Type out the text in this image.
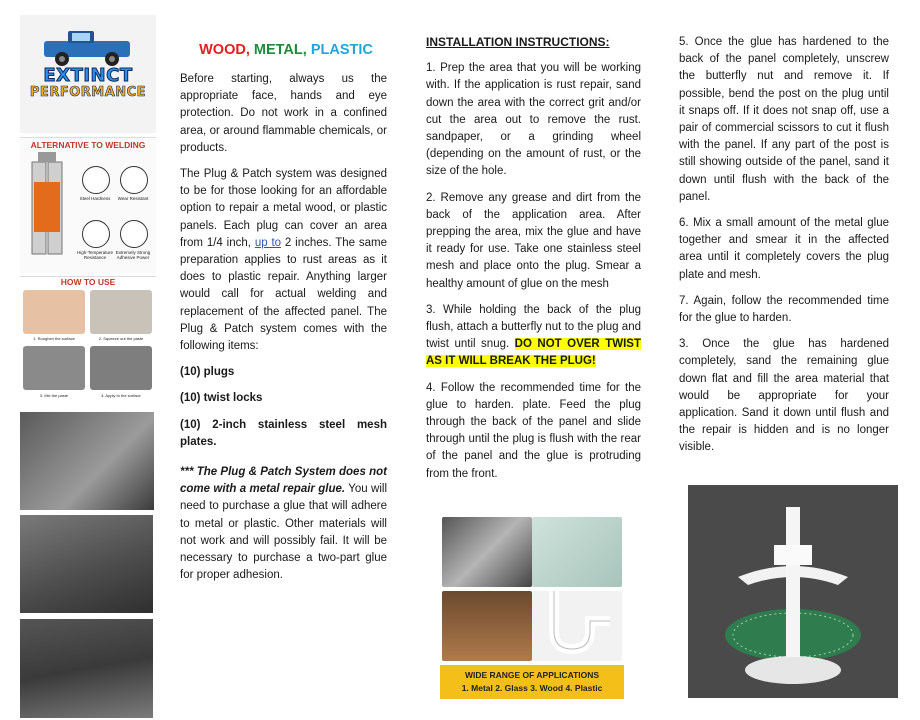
EXTINCT
PERFORMANCE
ALTERNATIVE TO WELDING
Steel Hardness	Wear Resistant
High-Temperature Resistance
Extremely Strong Adhesive Power
HOW TO USE
1. Roughen the surface	2. Squeeze out the paste
3. Mix the paste	4. Apply to the surface
WOOD, METAL, PLASTIC

Before starting, always us the appropriate face, hands and eye protection. Do not work in a confined area, or around flammable chemicals, or products.

The Plug & Patch system was designed to be for those looking for an affordable option to repair a metal wood, or plastic panels. Each plug can cover an area from 1/4 inch, up to 2 inches. The same preparation applies to rust areas as it does to plastic repair. Anything larger would call for actual welding and replacement of the affected panel. The Plug & Patch system comes with the following items:

(10) plugs

(10) twist locks

(10) 2-inch stainless steel mesh plates.

*** The Plug & Patch System does not come with a metal repair glue. You will need to purchase a glue that will adhere to metal or plastic. Other materials will not work and will possibly fail. It will be necessary to purchase a two-part glue for proper adhesion.

INSTALLATION INSTRUCTIONS:

1. Prep the area that you will be working with. If the application is rust repair, sand down the area with the correct grit and/or cut the area out to remove the rust. sandpaper, or a grinding wheel (depending on the amount of rust, or the size of the hole.

2. Remove any grease and dirt from the back of the application area. After prepping the area, mix the glue and have it ready for use. Take one stainless steel mesh and place onto the plug. Smear a healthy amount of glue on the mesh

3. While holding the back of the plug flush, attach a butterfly nut to the plug and twist until snug. DO NOT OVER TWIST AS IT WILL BREAK THE PLUG!

4. Follow the recommended time for the glue to harden. plate. Feed the plug through the back of the panel and slide through until the plug is flush with the rear of the panel and the glue is protruding from the front.

WIDE RANGE OF APPLICATIONS
1. Metal 2. Glass 3. Wood 4. Plastic

5. Once the glue has hardened to the back of the panel completely, unscrew the butterfly nut and remove it. If possible, bend the post on the plug until it snaps off. If it does not snap off, use a pair of commercial scissors to cut it flush with the panel. If any part of the post is still showing outside of the panel, sand it down until flush with the back of the panel.

6. Mix a small amount of the metal glue together and smear it in the affected area until it completely covers the plug plate and mesh.

7. Again, follow the recommended time for the glue to harden.

3. Once the glue has hardened completely, sand the remaining glue down flat and fill the area material that would be appropriate for your application. Sand it down until flush and the repair is hidden and is no longer visible.
